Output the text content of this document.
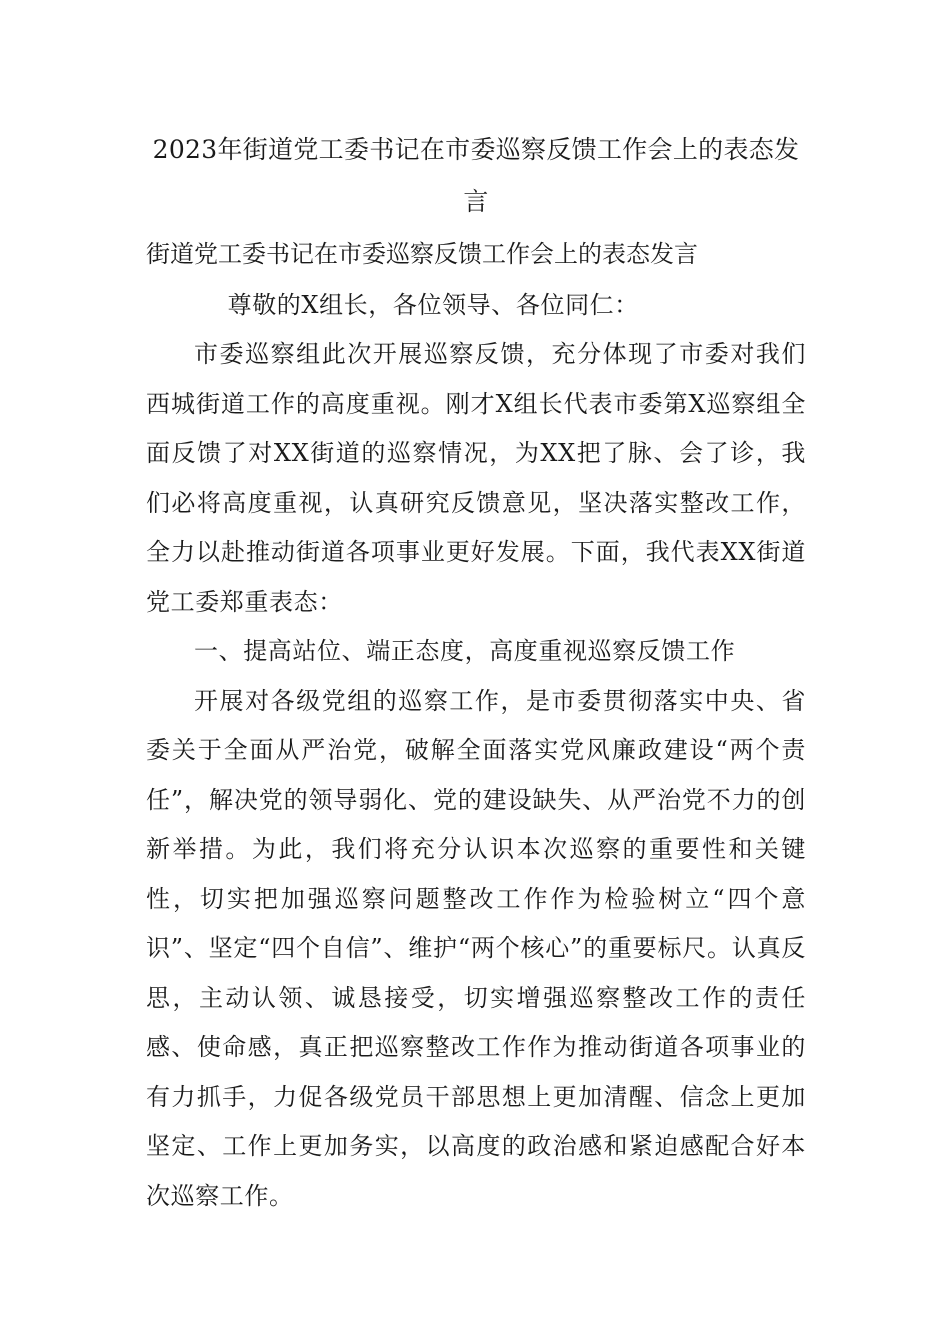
2023年街道党工委书记在市委巡察反馈工作会上的表态发言
街道党工委书记在市委巡察反馈工作会上的表态发言

尊敬的X组长，各位领导、各位同仁：

市委巡察组此次开展巡察反馈，充分体现了市委对我们西城街道工作的高度重视。刚才X组长代表市委第X巡察组全面反馈了对XX街道的巡察情况，为XX把了脉、会了诊，我们必将高度重视，认真研究反馈意见，坚决落实整改工作，全力以赴推动街道各项事业更好发展。下面，我代表XX街道党工委郑重表态：

一、提高站位、端正态度，高度重视巡察反馈工作

开展对各级党组的巡察工作，是市委贯彻落实中央、省委关于全面从严治党，破解全面落实党风廉政建设“两个责任”，解决党的领导弱化、党的建设缺失、从严治党不力的创新举措。为此，我们将充分认识本次巡察的重要性和关键性，切实把加强巡察问题整改工作作为检验树立“四个意识”、坚定“四个自信”、维护“两个核心”的重要标尺。认真反思，主动认领、诚恳接受，切实增强巡察整改工作的责任感、使命感，真正把巡察整改工作作为推动街道各项事业的有力抓手，力促各级党员干部思想上更加清醒、信念上更加坚定、工作上更加务实，以高度的政治感和紧迫感配合好本次巡察工作。
